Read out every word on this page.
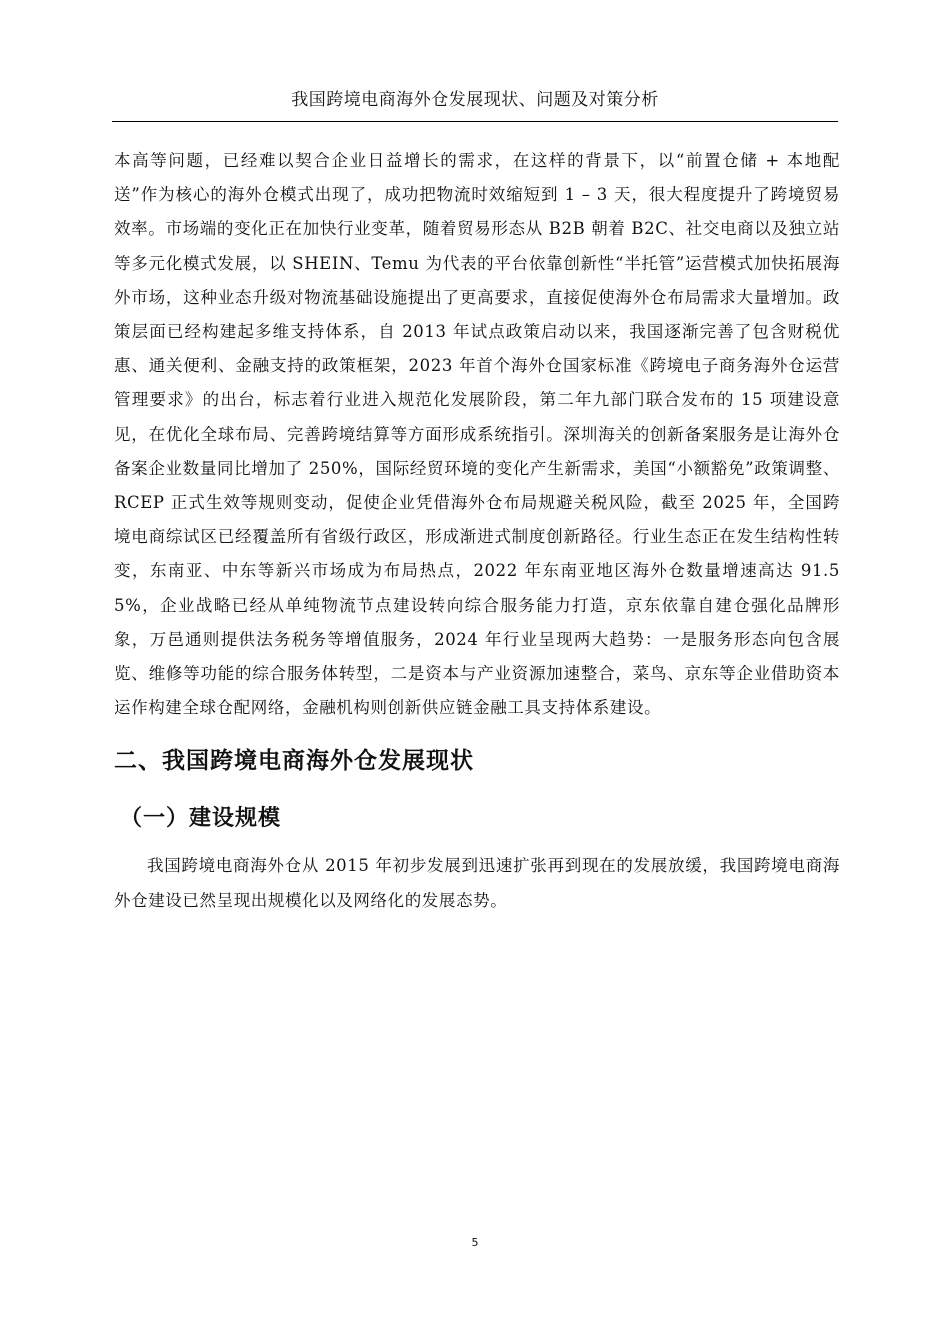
我国跨境电商海外仓发展现状、问题及对策分析

本高等问题，已经难以契合企业日益增长的需求，在这样的背景下，以“前置仓储 + 本地配送”作为核心的海外仓模式出现了，成功把物流时效缩短到 1 – 3 天，很大程度提升了跨境贸易效率。市场端的变化正在加快行业变革，随着贸易形态从 B2B 朝着 B2C、社交电商以及独立站等多元化模式发展，以 SHEIN、Temu 为代表的平台依靠创新性“半托管”运营模式加快拓展海外市场，这种业态升级对物流基础设施提出了更高要求，直接促使海外仓布局需求大量增加。政策层面已经构建起多维支持体系，自 2013 年试点政策启动以来，我国逐渐完善了包含财税优惠、通关便利、金融支持的政策框架，2023 年首个海外仓国家标准《跨境电子商务海外仓运营管理要求》的出台，标志着行业进入规范化发展阶段，第二年九部门联合发布的 15 项建设意见，在优化全球布局、完善跨境结算等方面形成系统指引。深圳海关的创新备案服务是让海外仓备案企业数量同比增加了 250%，国际经贸环境的变化产生新需求，美国“小额豁免”政策调整、RCEP 正式生效等规则变动，促使企业凭借海外仓布局规避关税风险，截至 2025 年，全国跨境电商综试区已经覆盖所有省级行政区，形成渐进式制度创新路径。行业生态正在发生结构性转变，东南亚、中东等新兴市场成为布局热点，2022 年东南亚地区海外仓数量增速高达 91.55%，企业战略已经从单纯物流节点建设转向综合服务能力打造，京东依靠自建仓强化品牌形象，万邑通则提供法务税务等增值服务，2024 年行业呈现两大趋势：一是服务形态向包含展览、维修等功能的综合服务体转型，二是资本与产业资源加速整合，菜鸟、京东等企业借助资本运作构建全球仓配网络，金融机构则创新供应链金融工具支持体系建设。

二、我国跨境电商海外仓发展现状
（一）建设规模

我国跨境电商海外仓从 2015 年初步发展到迅速扩张再到现在的发展放缓，我国跨境电商海外仓建设已然呈现出规模化以及网络化的发展态势。

5
